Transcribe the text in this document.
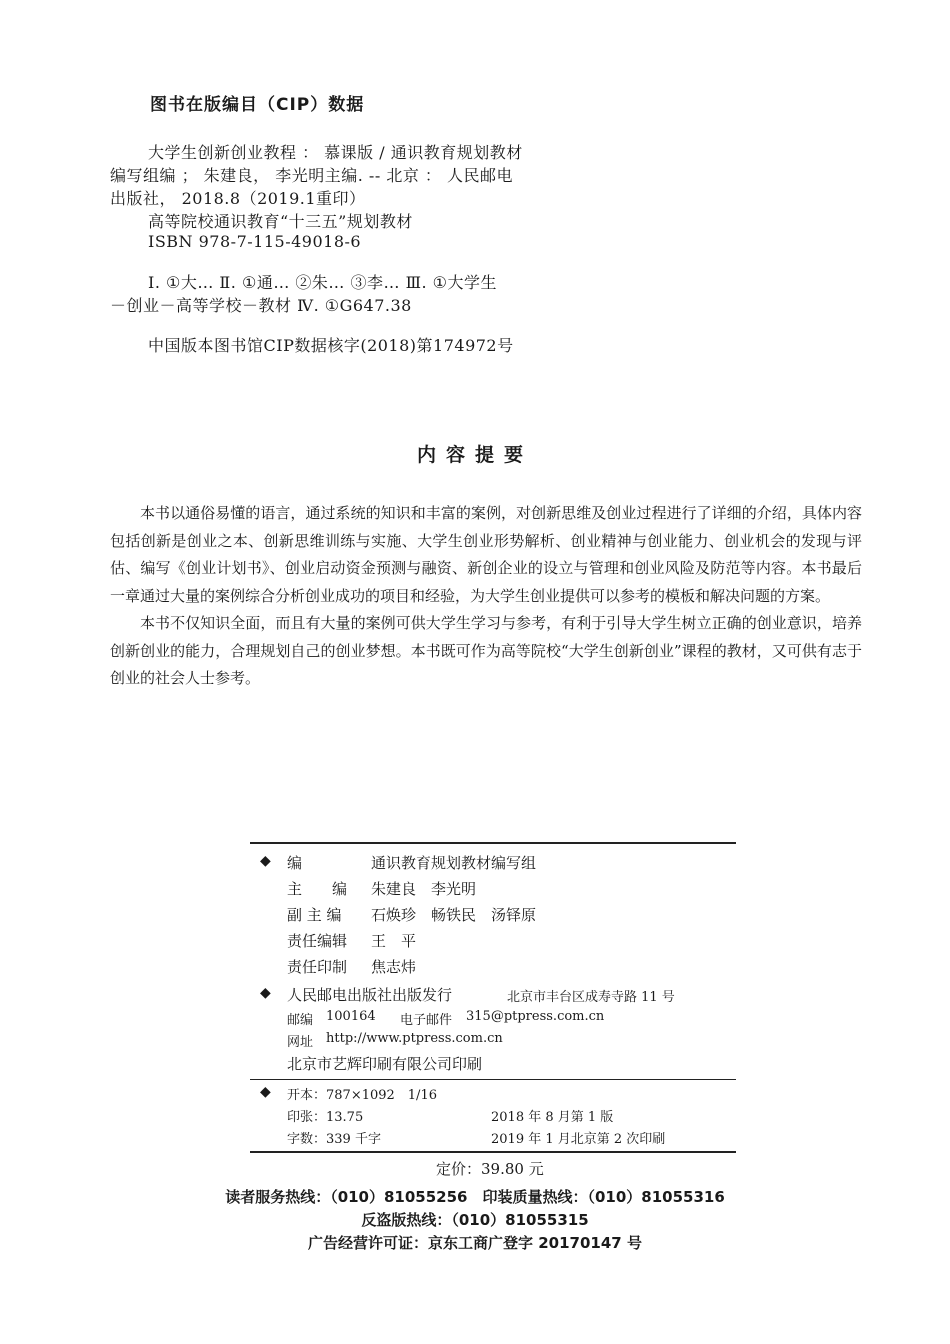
图书在版编目（CIP）数据
大学生创新创业教程 ： 慕课版 / 通识教育规划教材
编写组编 ； 朱建良， 李光明主编. -- 北京 ： 人民邮电
出版社， 2018.8（2019.1重印）
高等院校通识教育“十三五”规划教材
ISBN 978-7-115-49018-6
Ⅰ. ①大… Ⅱ. ①通… ②朱… ③李… Ⅲ. ①大学生
－创业－高等学校－教材 Ⅳ. ①G647.38
中国版本图书馆CIP数据核字(2018)第174972号
内容提要

本书以通俗易懂的语言，通过系统的知识和丰富的案例，对创新思维及创业过程进行了详细的介绍，具体内容包括创新是创业之本、创新思维训练与实施、大学生创业形势解析、创业精神与创业能力、创业机会的发现与评估、编写《创业计划书》、创业启动资金预测与融资、新创企业的设立与管理和创业风险及防范等内容。本书最后一章通过大量的案例综合分析创业成功的项目和经验，为大学生创业提供可以参考的模板和解决问题的方案。

本书不仅知识全面，而且有大量的案例可供大学生学习与参考，有利于引导大学生树立正确的创业意识，培养创新创业的能力，合理规划自己的创业梦想。本书既可作为高等院校“大学生创新创业”课程的教材，又可供有志于创业的社会人士参考。

◆ 编	通识教育规划教材编写组
主　　编 朱建良　李光明
副 主 编 石焕珍　畅铁民　汤铎原
责任编辑 王　平
责任印制 焦志炜
◆ 人民邮电出版社出版发行	北京市丰台区成寿寺路 11 号
邮编 100164 电子邮件 315@ptpress.com.cn
网址 http://www.ptpress.com.cn
北京市艺辉印刷有限公司印刷
◆ 开本：787×1092　1/16
印张：13.75	2018 年 8 月第 1 版
字数：339 千字	2019 年 1 月北京第 2 次印刷
定价：39.80 元
读者服务热线：（010）81055256　印装质量热线：（010）81055316
反盗版热线：（010）81055315
广告经营许可证：京东工商广登字 20170147 号
